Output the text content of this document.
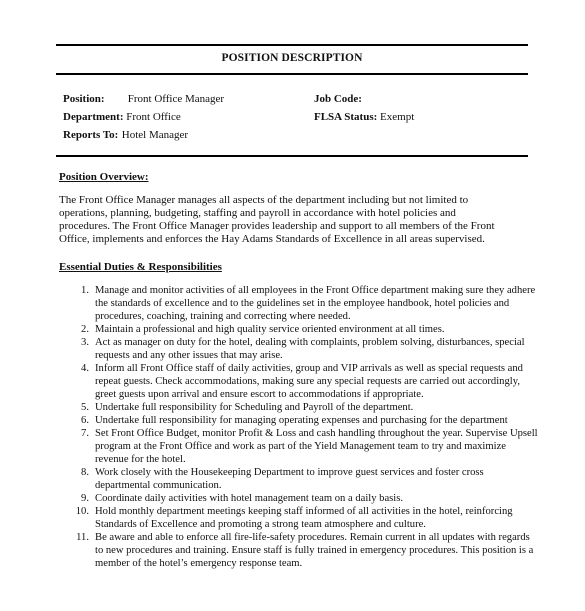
POSITION DESCRIPTION
Position: Front Office Manager
Department: Front Office
Reports To: Hotel Manager
Job Code:
FLSA Status: Exempt
Position Overview:
The Front Office Manager manages all aspects of the department including but not limited to operations, planning, budgeting, staffing and payroll in accordance with hotel policies and procedures. The Front Office Manager provides leadership and support to all members of the Front Office, implements and enforces the Hay Adams Standards of Excellence in all areas supervised.
Essential Duties & Responsibilities
1. Manage and monitor activities of all employees in the Front Office department making sure they adhere the standards of excellence and to the guidelines set in the employee handbook, hotel policies and procedures, coaching, training and correcting where needed.
2. Maintain a professional and high quality service oriented environment at all times.
3. Act as manager on duty for the hotel, dealing with complaints, problem solving, disturbances, special requests and any other issues that may arise.
4. Inform all Front Office staff of daily activities, group and VIP arrivals as well as special requests and repeat guests. Check accommodations, making sure any special requests are carried out accordingly, greet guests upon arrival and ensure escort to accommodations if appropriate.
5. Undertake full responsibility for Scheduling and Payroll of the department.
6. Undertake full responsibility for managing operating expenses and purchasing for the department
7. Set Front Office Budget, monitor Profit & Loss and cash handling throughout the year. Supervise Upsell program at the Front Office and work as part of the Yield Management team to try and maximize revenue for the hotel.
8. Work closely with the Housekeeping Department to improve guest services and foster cross departmental communication.
9. Coordinate daily activities with hotel management team on a daily basis.
10. Hold monthly department meetings keeping staff informed of all activities in the hotel, reinforcing Standards of Excellence and promoting a strong team atmosphere and culture.
11. Be aware and able to enforce all fire-life-safety procedures. Remain current in all updates with regards to new procedures and training. Ensure staff is fully trained in emergency procedures. This position is a member of the hotel’s emergency response team.
